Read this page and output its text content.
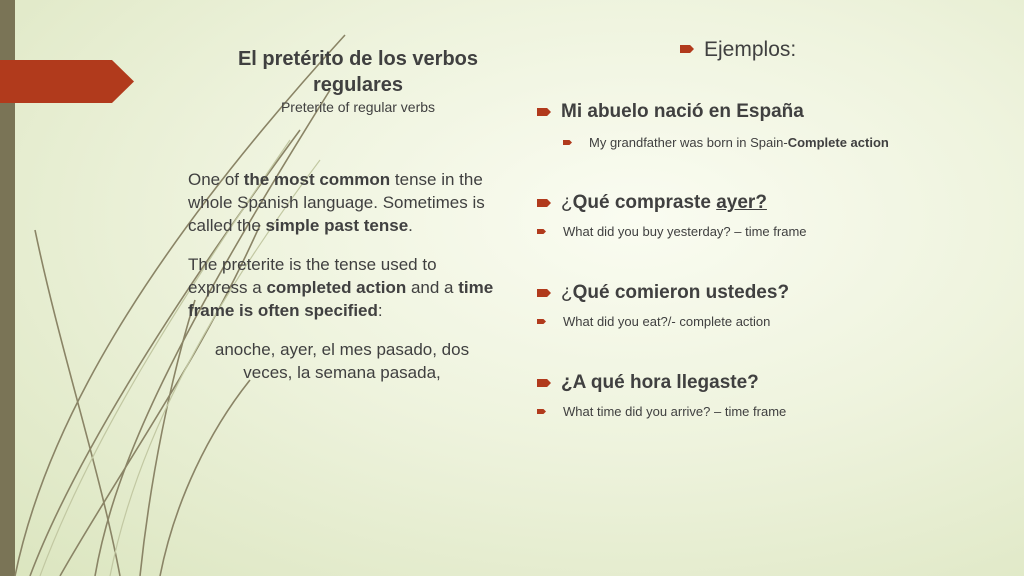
El pretérito de los verbos regulares
Preterite of regular verbs

One of the most common tense in the whole Spanish language. Sometimes is called the simple past tense.

The preterite is the tense used to express a completed action and a time frame is often specified:

anoche, ayer, el mes pasado, dos veces, la semana pasada,

Ejemplos:
Mi abuelo nació en España
My grandfather was born in Spain-Complete action
¿Qué compraste ayer?
What did you buy yesterday? – time frame
¿Qué comieron ustedes?
What did you eat?/- complete action
¿A qué hora llegaste?
What time did you arrive? – time frame
